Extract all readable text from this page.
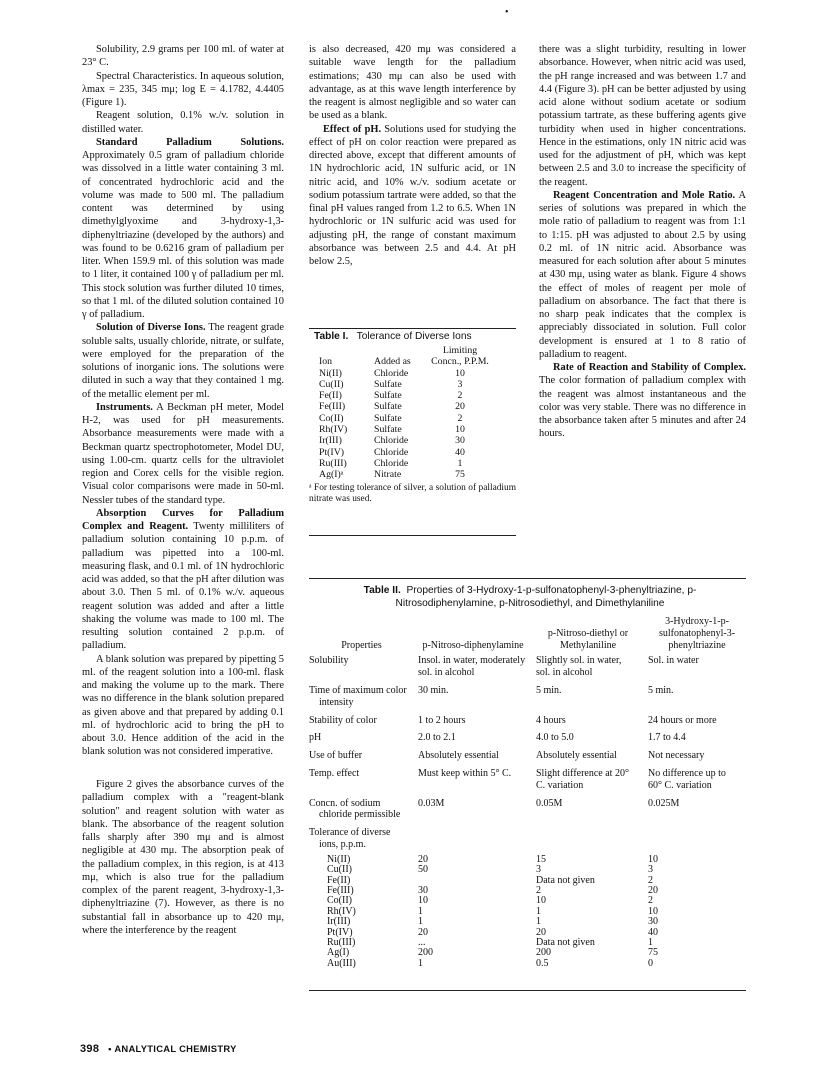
•

Solubility, 2.9 grams per 100 ml. of water at 23° C.

Spectral Characteristics. In aqueous solution, λmax = 235, 345 mμ; log E = 4.1782, 4.4405 (Figure 1).

Reagent solution, 0.1% w./v. solution in distilled water.

Standard Palladium Solutions. Approximately 0.5 gram of palladium chloride was dissolved in a little water containing 3 ml. of concentrated hydrochloric acid and the volume was made to 500 ml. The palladium content was determined by using dimethylglyoxime and 3-hydroxy-1,3-diphenyltriazine (developed by the authors) and was found to be 0.6216 gram of palladium per liter. When 159.9 ml. of this solution was made to 1 liter, it contained 100 γ of palladium per ml. This stock solution was further diluted 10 times, so that 1 ml. of the diluted solution contained 10 γ of palladium.

Solution of Diverse Ions. The reagent grade soluble salts, usually chloride, nitrate, or sulfate, were employed for the preparation of the solutions of inorganic ions. The solutions were diluted in such a way that they contained 1 mg. of the metallic element per ml.

Instruments. A Beckman pH meter, Model H-2, was used for pH measurements. Absorbance measurements were made with a Beckman quartz spectrophotometer, Model DU, using 1.00-cm. quartz cells for the ultraviolet region and Corex cells for the visible region. Visual color comparisons were made in 50-ml. Nessler tubes of the standard type.

Absorption Curves for Palladium Complex and Reagent. Twenty milliliters of palladium solution containing 10 p.p.m. of palladium was pipetted into a 100-ml. measuring flask, and 0.1 ml. of 1N hydrochloric acid was added, so that the pH after dilution was about 3.0. Then 5 ml. of 0.1% w./v. aqueous reagent solution was added and after a little shaking the volume was made to 100 ml. The resulting solution contained 2 p.p.m. of palladium.

A blank solution was prepared by pipetting 5 ml. of the reagent solution into a 100-ml. flask and making the volume up to the mark. There was no difference in the blank solution prepared as given above and that prepared by adding 0.1 ml. of hydrochloric acid to bring the pH to about 3.0. Hence addition of the acid in the blank solution was not considered imperative.

Figure 2 gives the absorbance curves of the palladium complex with a "reagent-blank solution" and reagent solution with water as blank. The absorbance of the reagent solution falls sharply after 390 mμ and is almost negligible at 430 mμ. The absorption peak of the palladium complex, in this region, is at 413 mμ, which is also true for the palladium complex of the parent reagent, 3-hydroxy-1,3-diphenyltriazine (7). However, as there is no substantial fall in absorbance up to 420 mμ, where the interference by the reagent

is also decreased, 420 mμ was considered a suitable wave length for the palladium estimations; 430 mμ can also be used with advantage, as at this wave length interference by the reagent is almost negligible and so water can be used as a blank.

Effect of pH. Solutions used for studying the effect of pH on color reaction were prepared as directed above, except that different amounts of 1N hydrochloric acid, 1N sulfuric acid, or 1N nitric acid, and 10% w./v. sodium acetate or sodium potassium tartrate were added, so that the final pH values ranged from 1.2 to 6.5. When 1N hydrochloric or 1N sulfuric acid was used for adjusting pH, the range of constant maximum absorbance was between 2.5 and 4.4. At pH below 2.5,

Table I. Tolerance of Diverse Ions
Ion	Added as	Limiting Concn., P.P.M.
Ni(II)	Chloride	10
Cu(II)	Sulfate	3
Fe(II)	Sulfate	2
Fe(III)	Sulfate	20
Co(II)	Sulfate	2
Rh(IV)	Sulfate	10
Ir(III)	Chloride	30
Pt(IV)	Chloride	40
Ru(III)	Chloride	1
Ag(I)ᵃ	Nitrate	75
ᵃ For testing tolerance of silver, a solution of palladium nitrate was used.

there was a slight turbidity, resulting in lower absorbance. However, when nitric acid was used, the pH range increased and was between 1.7 and 4.4 (Figure 3). pH can be better adjusted by using acid alone without sodium acetate or sodium potassium tartrate, as these buffering agents give turbidity when used in higher concentrations. Hence in the estimations, only 1N nitric acid was used for the adjustment of pH, which was kept between 2.5 and 3.0 to increase the specificity of the reagent.

Reagent Concentration and Mole Ratio. A series of solutions was prepared in which the mole ratio of palladium to reagent was from 1:1 to 1:15. pH was adjusted to about 2.5 by using 0.2 ml. of 1N nitric acid. Absorbance was measured for each solution after about 5 minutes at 430 mμ, using water as blank. Figure 4 shows the effect of moles of reagent per mole of palladium on absorbance. The fact that there is no sharp peak indicates that the complex is appreciably dissociated in solution. Full color development is ensured at 1 to 8 ratio of palladium to reagent.

Rate of Reaction and Stability of Complex. The color formation of palladium complex with the reagent was almost instantaneous and the color was very stable. There was no difference in the absorbance taken after 5 minutes and after 24 hours.

Table II. Properties of 3-Hydroxy-1-p-sulfonatophenyl-3-phenyltriazine, p-Nitrosodiphenylamine, p-Nitrosodiethyl, and Dimethylaniline
Properties	p-Nitroso-diphenylamine	p-Nitroso-diethyl or Methylaniline	3-Hydroxy-1-p-sulfonatophenyl-3-phenyltriazine

Solubility	Insol. in water, moderately sol. in alcohol	Slightly sol. in water, sol. in alcohol	Sol. in water

Time of maximum color intensity	30 min.	5 min.	5 min.

Stability of color	1 to 2 hours	4 hours	24 hours or more

pH	2.0 to 2.1	4.0 to 5.0	1.7 to 4.4

Use of buffer	Absolutely essential	Absolutely essential	Not necessary

Temp. effect	Must keep within 5° C.	Slight difference at 20° C. variation	No difference up to 60° C. variation

Concn. of sodium chloride permissible	0.03M	0.05M	0.025M

Tolerance of diverse ions, p.p.m.			

Ni(II)	20	15	10
Cu(II)	50	3	3
Fe(II)		Data not given	2
Fe(III)	30	2	20
Co(II)	10	10	2
Rh(IV)	1	1	10
Ir(III)	1	1	30
Pt(IV)	20	20	40
Ru(III)	...	Data not given	1
Ag(I)	200	200	75
Au(III)	1	0.5	0
398 • ANALYTICAL CHEMISTRY
